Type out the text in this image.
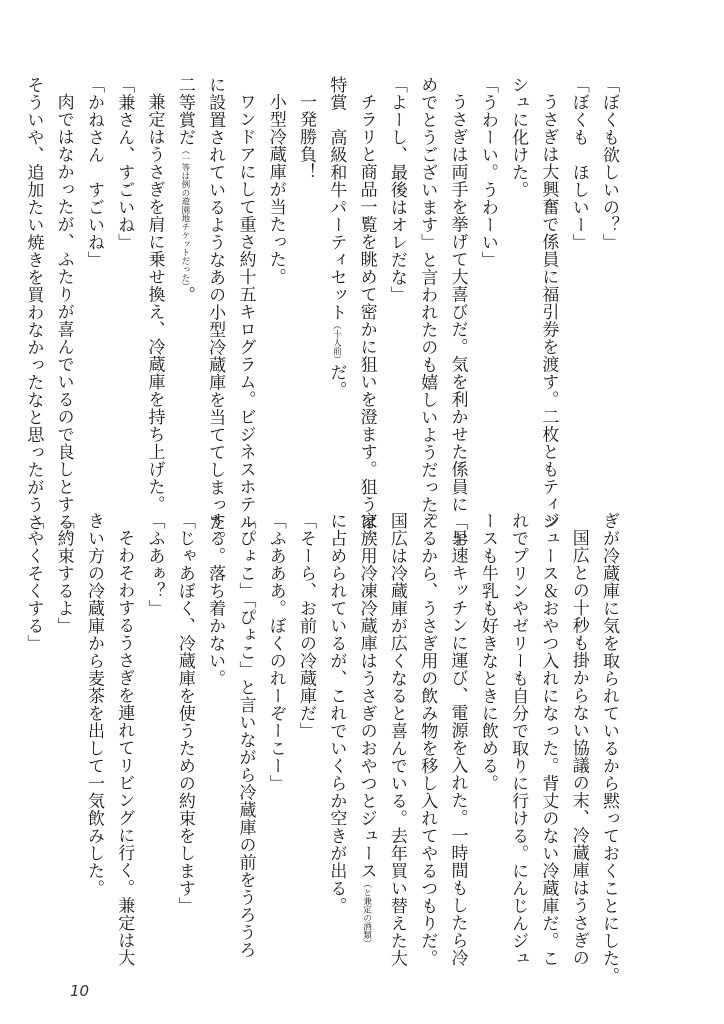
「ぼくも欲しいの？」
「ぼくも　ほしいー」
うさぎは大興奮で係員に福引券を渡す。二枚ともティッ
シュに化けた。
「うわーい。うわーい」
うさぎは両手を挙げて大喜びだ。気を利かせた係員に「お
めでとうございます」と言われたのも嬉しいようだった。
「よーし、最後はオレだな」
チラリと商品一覧を眺めて密かに狙いを澄ます。狙うは、
特賞　高級和牛パーティセット（十人前）だ。
一発勝負！
小型冷蔵庫が当たった。
ワンドアにして重さ約十五キログラム。ビジネスホテル
に設置されているようなあの小型冷蔵庫を当ててしまった。
二等賞だ（一等は例の遊園地チケットだった）。
兼定はうさぎを肩に乗せ換え、冷蔵庫を持ち上げた。
「兼さん、すごいね」
「かねさん　すごいね」
肉ではなかったが、ふたりが喜んでいるので良しとする。
そういや、追加たい焼きを買わなかったなと思ったがうさ
ぎが冷蔵庫に気を取られているから黙っておくことにした。
国広との十秒も掛からない協議の末、冷蔵庫はうさぎの
ジュース＆おやつ入れになった。背丈のない冷蔵庫だ。こ
れでプリンやゼリーも自分で取りに行ける。にんじんジュ
ースも牛乳も好きなときに飲める。
早速キッチンに運び、電源を入れた。一時間もしたら冷
えるから、うさぎ用の飲み物を移し入れてやるつもりだ。
国広は冷蔵庫が広くなると喜んでいる。去年買い替えた大
家族用冷凍冷蔵庫はうさぎのおやつとジュース（と兼定の酒類）
に占められているが、これでいくらか空きが出る。
「そーら、お前の冷蔵庫だ」
「ふあああ。ぼくのれーぞーこー」
「ぴょこ」「ぴょこ」と言いながら冷蔵庫の前をうろうろ
する。落ち着かない。
「じゃあぼく、冷蔵庫を使うための約束をします」
「ふあぁ？」
そわそわするうさぎを連れてリビングに行く。兼定は大
きい方の冷蔵庫から麦茶を出して一気飲みした。
「約束するよ」
「やくそくする」
10
